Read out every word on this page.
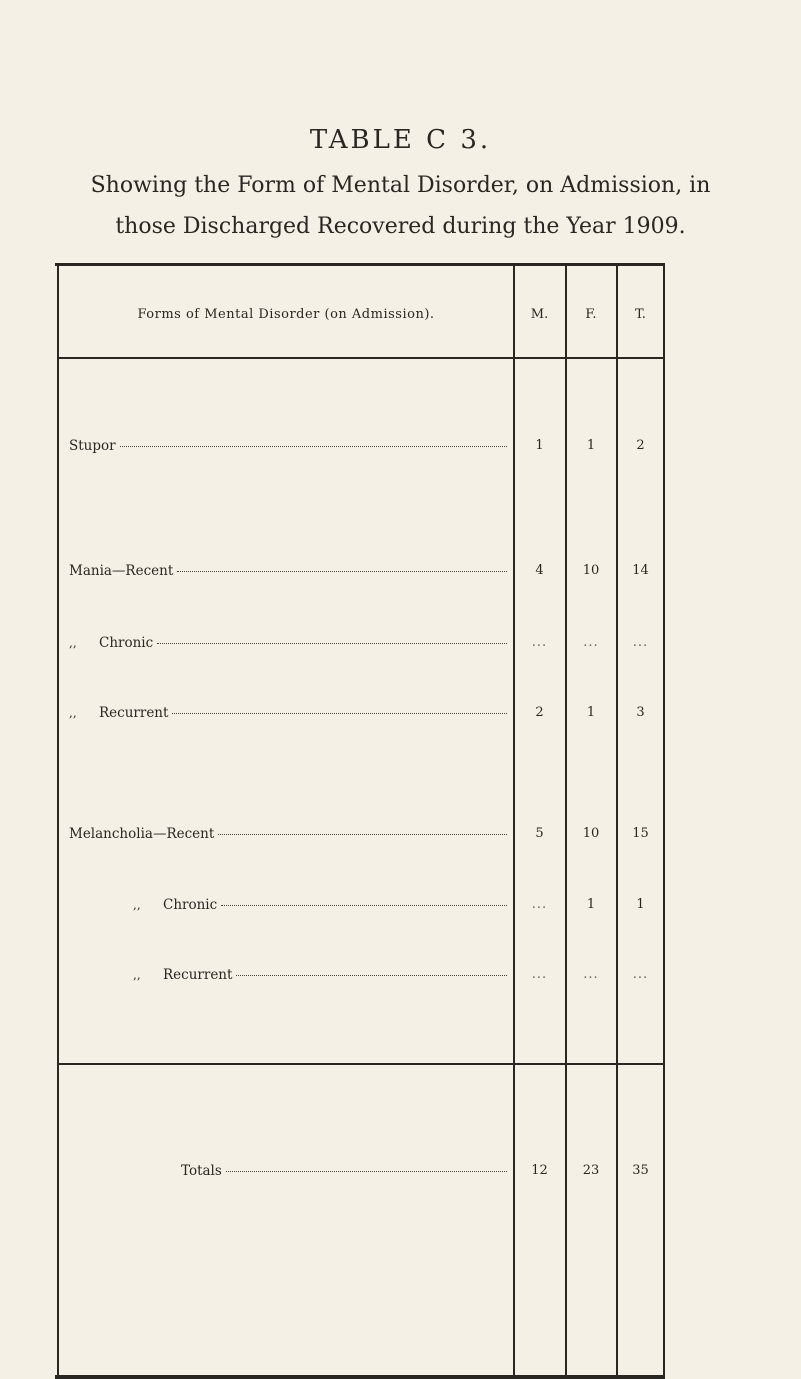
TABLE C 3.
Showing the Form of Mental Disorder, on Admission, in
those Discharged Recovered during the Year 1909.
Forms of Mental Disorder (on Admission).	M.	F.	T.
Stupor	1	1	2
Mania—Recent	4	10	14
,,	Chronic	...	...	...
,,	Recurrent	2	1	3
Melancholia—Recent	5	10	15
,,	Chronic	...	1	1
,,	Recurrent	...	...	...
Totals	12	23	35
